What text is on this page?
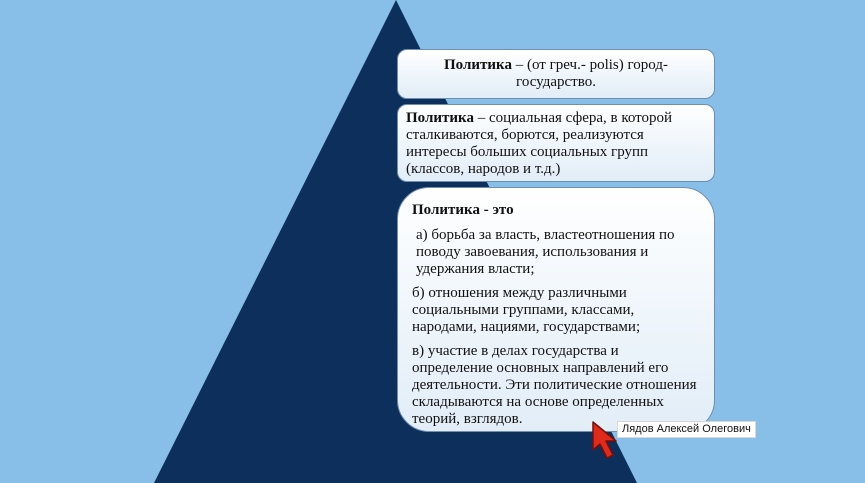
Политика – (от греч.- polis) город-государство.
Политика – социальная сфера, в которой сталкиваются, борются, реализуются интересы больших социальных групп (классов, народов и т.д.)

Политика - это

а) борьба за власть, властеотношения по поводу завоевания, использования и удержания власти;

б) отношения между различными социальными группами, классами, народами, нациями, государствами;

в) участие в делах государства и определение основных направлений его деятельности. Эти политические отношения складываются на основе определенных теорий, взглядов.

Лядов Алексей Олегович
